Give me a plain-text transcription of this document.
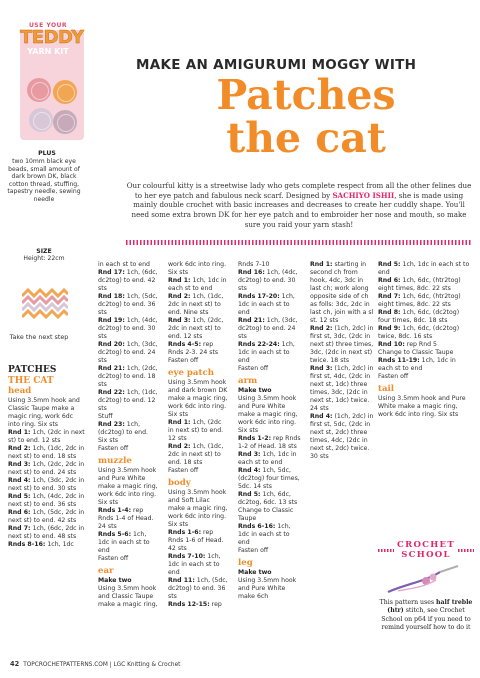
USE YOUR
TEDDY
YARN KIT
PLUS
two 10mm black eye beads, small amount of dark brown DK, black cotton thread, stuffing, tapestry needle, sewing needle
SIZE
Height: 22cm
Take the next step
MAKE AN AMIGURUMI MOGGY WITH
Patches
the cat
Our colourful kitty is a streetwise lady who gets complete respect from all the other felines due to her eye patch and fabulous neck scarf. Designed by SACHIYO ISHII, she is made using mainly double crochet with basic increases and decreases to create her cuddly shape. You'll need some extra brown DK for her eye patch and to embroider her nose and mouth, so make sure you raid your yarn stash!
PATCHES
THE CAT
head

Using 3.5mm hook and Classic Taupe make a magic ring, work 6dc into ring. Six sts

Rnd 1: 1ch, (2dc in next st) to end. 12 sts

Rnd 2: 1ch, (1dc, 2dc in next st) to end. 18 sts

Rnd 3: 1ch, (2dc, 2dc in next st) to end. 24 sts

Rnd 4: 1ch, (3dc, 2dc in next st) to end. 30 sts

Rnd 5: 1ch, (4dc, 2dc in next st) to end. 36 sts

Rnd 6: 1ch, (5dc, 2dc in next st) to end. 42 sts

Rnd 7: 1ch, (6dc, 2dc in next st) to end. 48 sts

Rnds 8-16: 1ch, 1dc

in each st to end

Rnd 17: 1ch, (6dc, dc2tog) to end. 42 sts

Rnd 18: 1ch, (5dc, dc2tog) to end. 36 sts

Rnd 19: 1ch, (4dc, dc2tog) to end. 30 sts

Rnd 20: 1ch, (3dc, dc2tog) to end. 24 sts

Rnd 21: 1ch, (2dc, dc2tog) to end. 18 sts

Rnd 22: 1ch, (1dc, dc2tog) to end. 12 sts

Stuff

Rnd 23: 1ch, (dc2tog) to end. Six sts

Fasten off

muzzle

Using 3.5mm hook and Pure White make a magic ring, work 6dc into ring. Six sts

Rnds 1-4: rep Rnds 1-4 of Head. 24 sts

Rnds 5-6: 1ch, 1dc in each st to end

Fasten off

ear

Make two

Using 3.5mm hook and Classic Taupe make a magic ring,

work 6dc into ring. Six sts

Rnd 1: 1ch, 1dc in each st to end

Rnd 2: 1ch, (1dc, 2dc in next st) to end. Nine sts

Rnd 3: 1ch, (2dc, 2dc in next st) to end. 12 sts

Rnds 4-5: rep Rnds 2-3. 24 sts

Fasten off

eye patch

Using 3.5mm hook and dark brown DK make a magic ring, work 6dc into ring. Six sts

Rnd 1: 1ch, (2dc in next st) to end. 12 sts

Rnd 2: 1ch, (1dc, 2dc in next st) to end. 18 sts

Fasten off

body

Using 3.5mm hook and Soft Lilac make a magic ring, work 6dc into ring. Six sts

Rnds 1-6: rep Rnds 1-6 of Head. 42 sts

Rnds 7-10: 1ch, 1dc in each st to end

Rnd 11: 1ch, (5dc, dc2tog) to end. 36 sts

Rnds 12-15: rep

Rnds 7-10

Rnd 16: 1ch, (4dc, dc2tog) to end. 30 sts

Rnds 17-20: 1ch, 1dc in each st to end

Rnd 21: 1ch, (3dc, dc2tog) to end. 24 sts

Rnds 22-24: 1ch, 1dc in each st to end

Fasten off

arm

Make two

Using 3.5mm hook and Pure White make a magic ring, work 6dc into ring. Six sts

Rnds 1-2: rep Rnds 1-2 of Head. 18 sts

Rnd 3: 1ch, 1dc in each st to end

Rnd 4: 1ch, 5dc, (dc2tog) four times, 5dc. 14 sts

Rnd 5: 1ch, 6dc, dc2tog, 6dc. 13 sts

Change to Classic Taupe

Rnds 6-16: 1ch, 1dc in each st to end

Fasten off

leg

Make two

Using 3.5mm hook and Pure White make 6ch

Rnd 1: starting in second ch from hook, 4dc, 3dc in last ch; work along opposite side of ch as folls: 3dc, 2dc in last ch, join with a sl st. 12 sts

Rnd 2: (1ch, 2dc) in first st, 3dc, (2dc in next st) three times, 3dc, (2dc in next st) twice. 18 sts

Rnd 3: (1ch, 2dc) in first st, 4dc, (2dc in next st, 1dc) three times, 3dc, (2dc in next st, 1dc) twice. 24 sts

Rnd 4: (1ch, 2dc) in first st, 5dc, (2dc in next st, 2dc) three times, 4dc, (2dc in next st, 2dc) twice. 30 sts

Rnd 5: 1ch, 1dc in each st to end

Rnd 6: 1ch, 6dc, (htr2tog) eight times, 8dc. 22 sts

Rnd 7: 1ch, 6dc, (htr2tog) eight times, 8dc. 22 sts

Rnd 8: 1ch, 6dc, (dc2tog) four times, 8dc. 18 sts

Rnd 9: 1ch, 6dc, (dc2tog) twice, 8dc. 16 sts

Rnd 10: rep Rnd 5

Change to Classic Taupe

Rnds 11-19: 1ch, 1dc in each st to end

Fasten off

tail

Using 3.5mm hook and Pure White make a magic ring, work 6dc into ring. Six sts

CROCHET
SCHOOL
This pattern uses half treble (htr) stitch, see Crochet School on p64 if you need to remind yourself how to do it
42 TOPCROCHETPATTERNS.COM | LGC Knitting & Crochet
